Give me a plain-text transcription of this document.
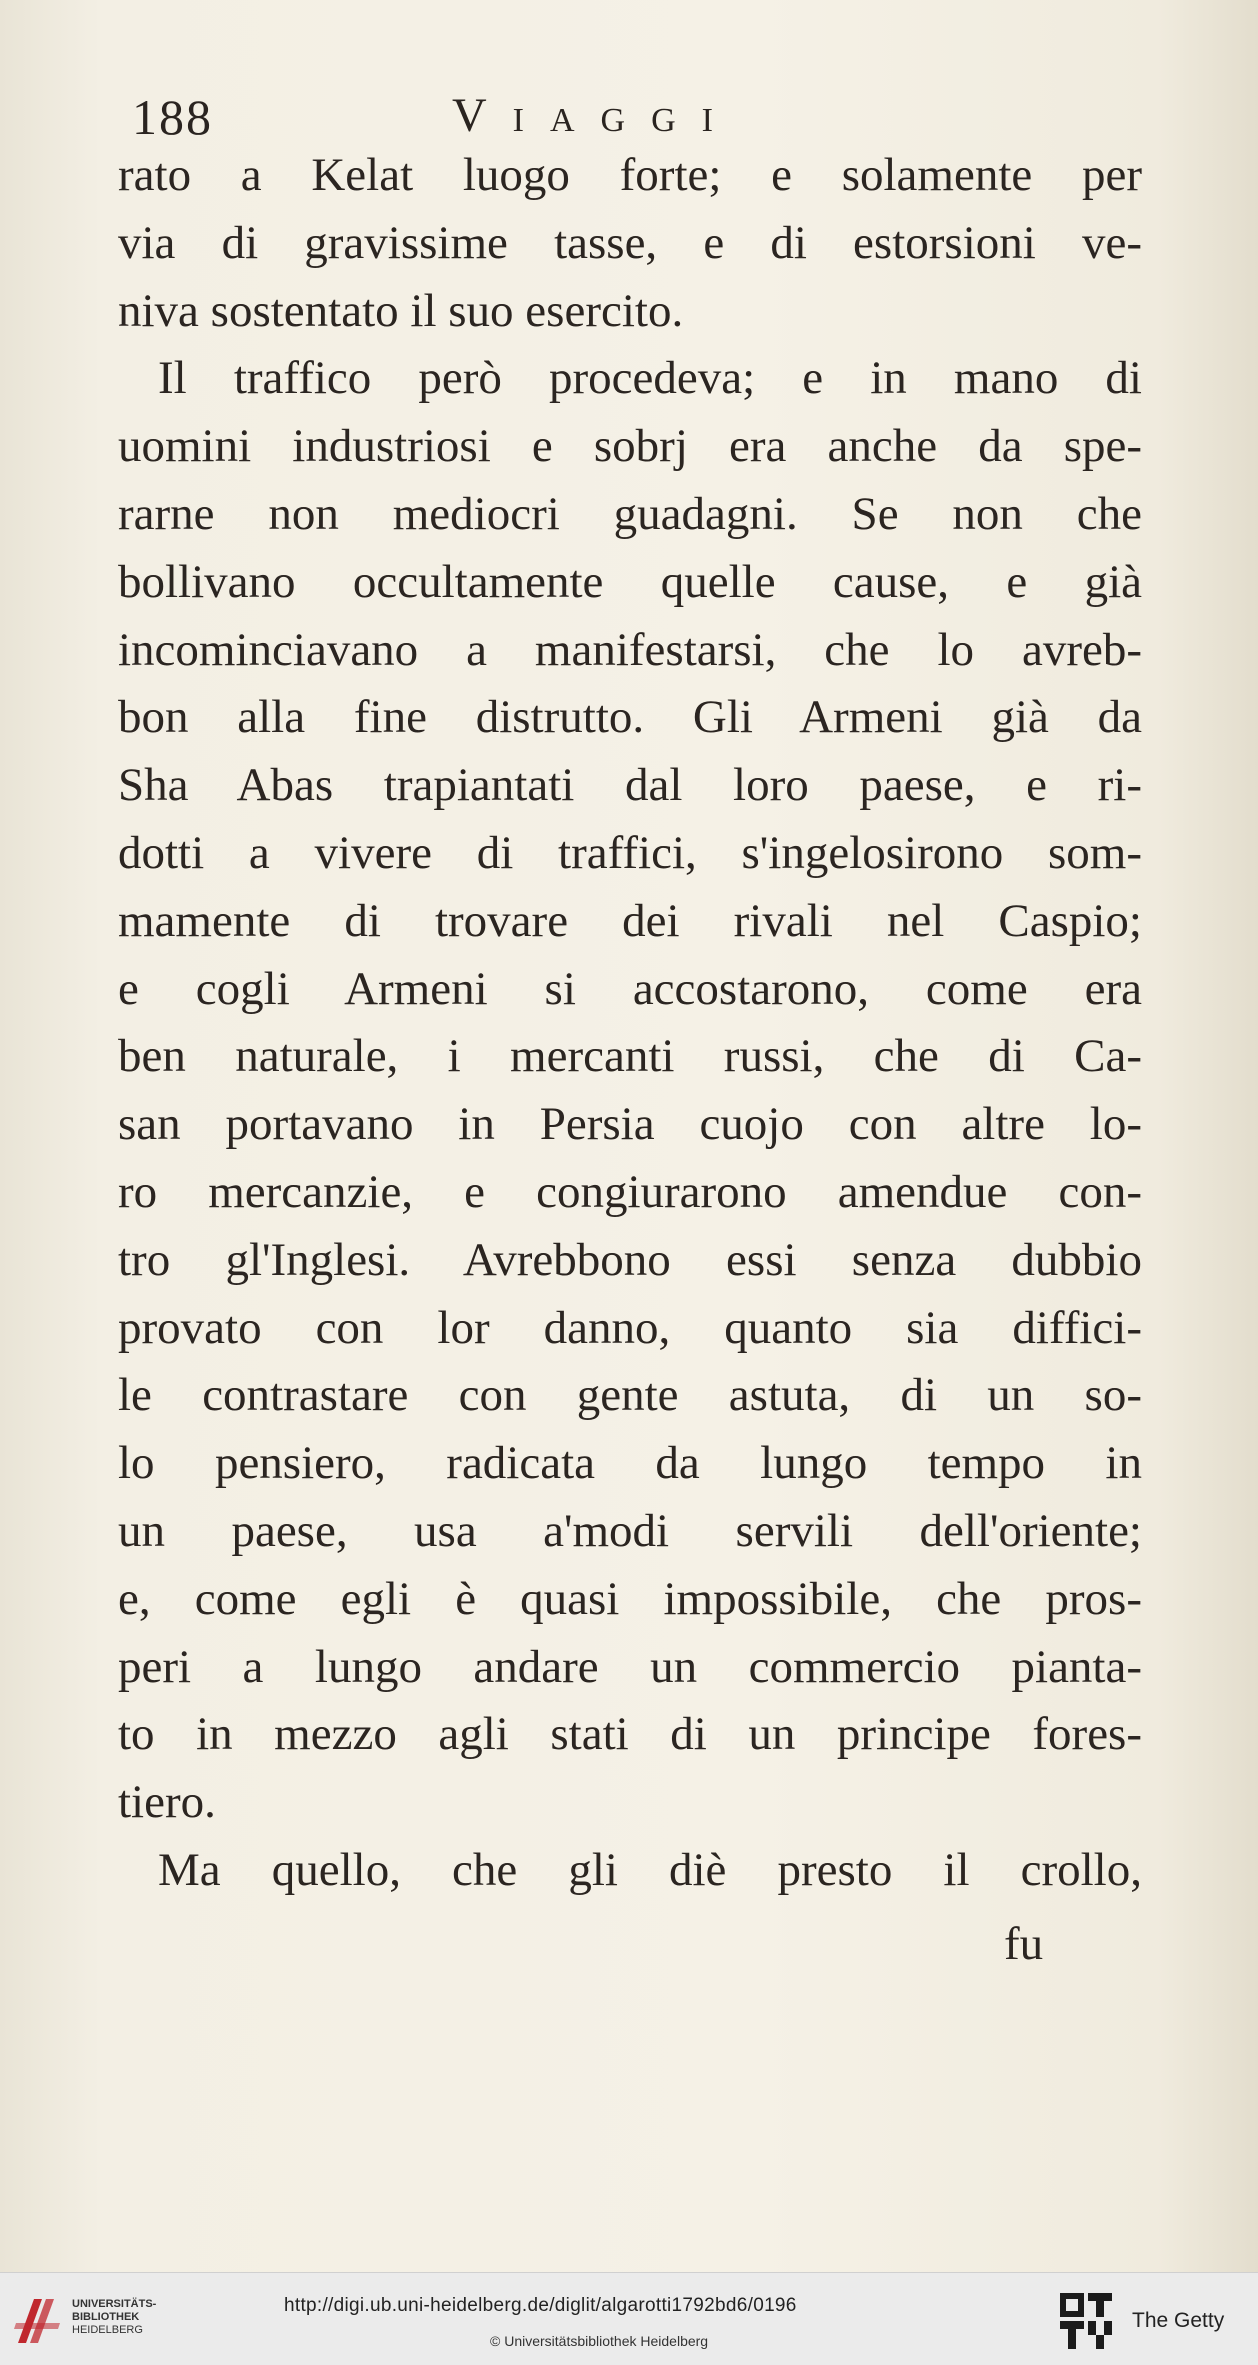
188	Viaggi
rato a Kelat luogo forte; e solamente per
via di gravissime tasse, e di estorsioni ve-
niva sostentato il suo esercito.
Il traffico però procedeva; e in mano di
uomini industriosi e sobrj era anche da spe-
rarne non mediocri guadagni. Se non che
bollivano occultamente quelle cause, e già
incominciavano a manifestarsi, che lo avreb-
bon alla fine distrutto. Gli Armeni già da
Sha Abas trapiantati dal loro paese, e ri-
dotti a vivere di traffici, s'ingelosirono som-
mamente di trovare dei rivali nel Caspio;
e cogli Armeni si accostarono, come era
ben naturale, i mercanti russi, che di Ca-
san portavano in Persia cuojo con altre lo-
ro mercanzie, e congiurarono amendue con-
tro gl'Inglesi. Avrebbono essi senza dubbio
provato con lor danno, quanto sia diffici-
le contrastare con gente astuta, di un so-
lo pensiero, radicata da lungo tempo in
un paese, usa a'modi servili dell'oriente;
e, come egli è quasi impossibile, che pros-
peri a lungo andare un commercio pianta-
to in mezzo agli stati di un principe fores-
tiero.
Ma quello, che gli diè presto il crollo,
fu
UNIVERSITÄTS-
BIBLIOTHEK
HEIDELBERG
http://digi.ub.uni-heidelberg.de/diglit/algarotti1792bd6/0196
© Universitätsbibliothek Heidelberg
The Getty
